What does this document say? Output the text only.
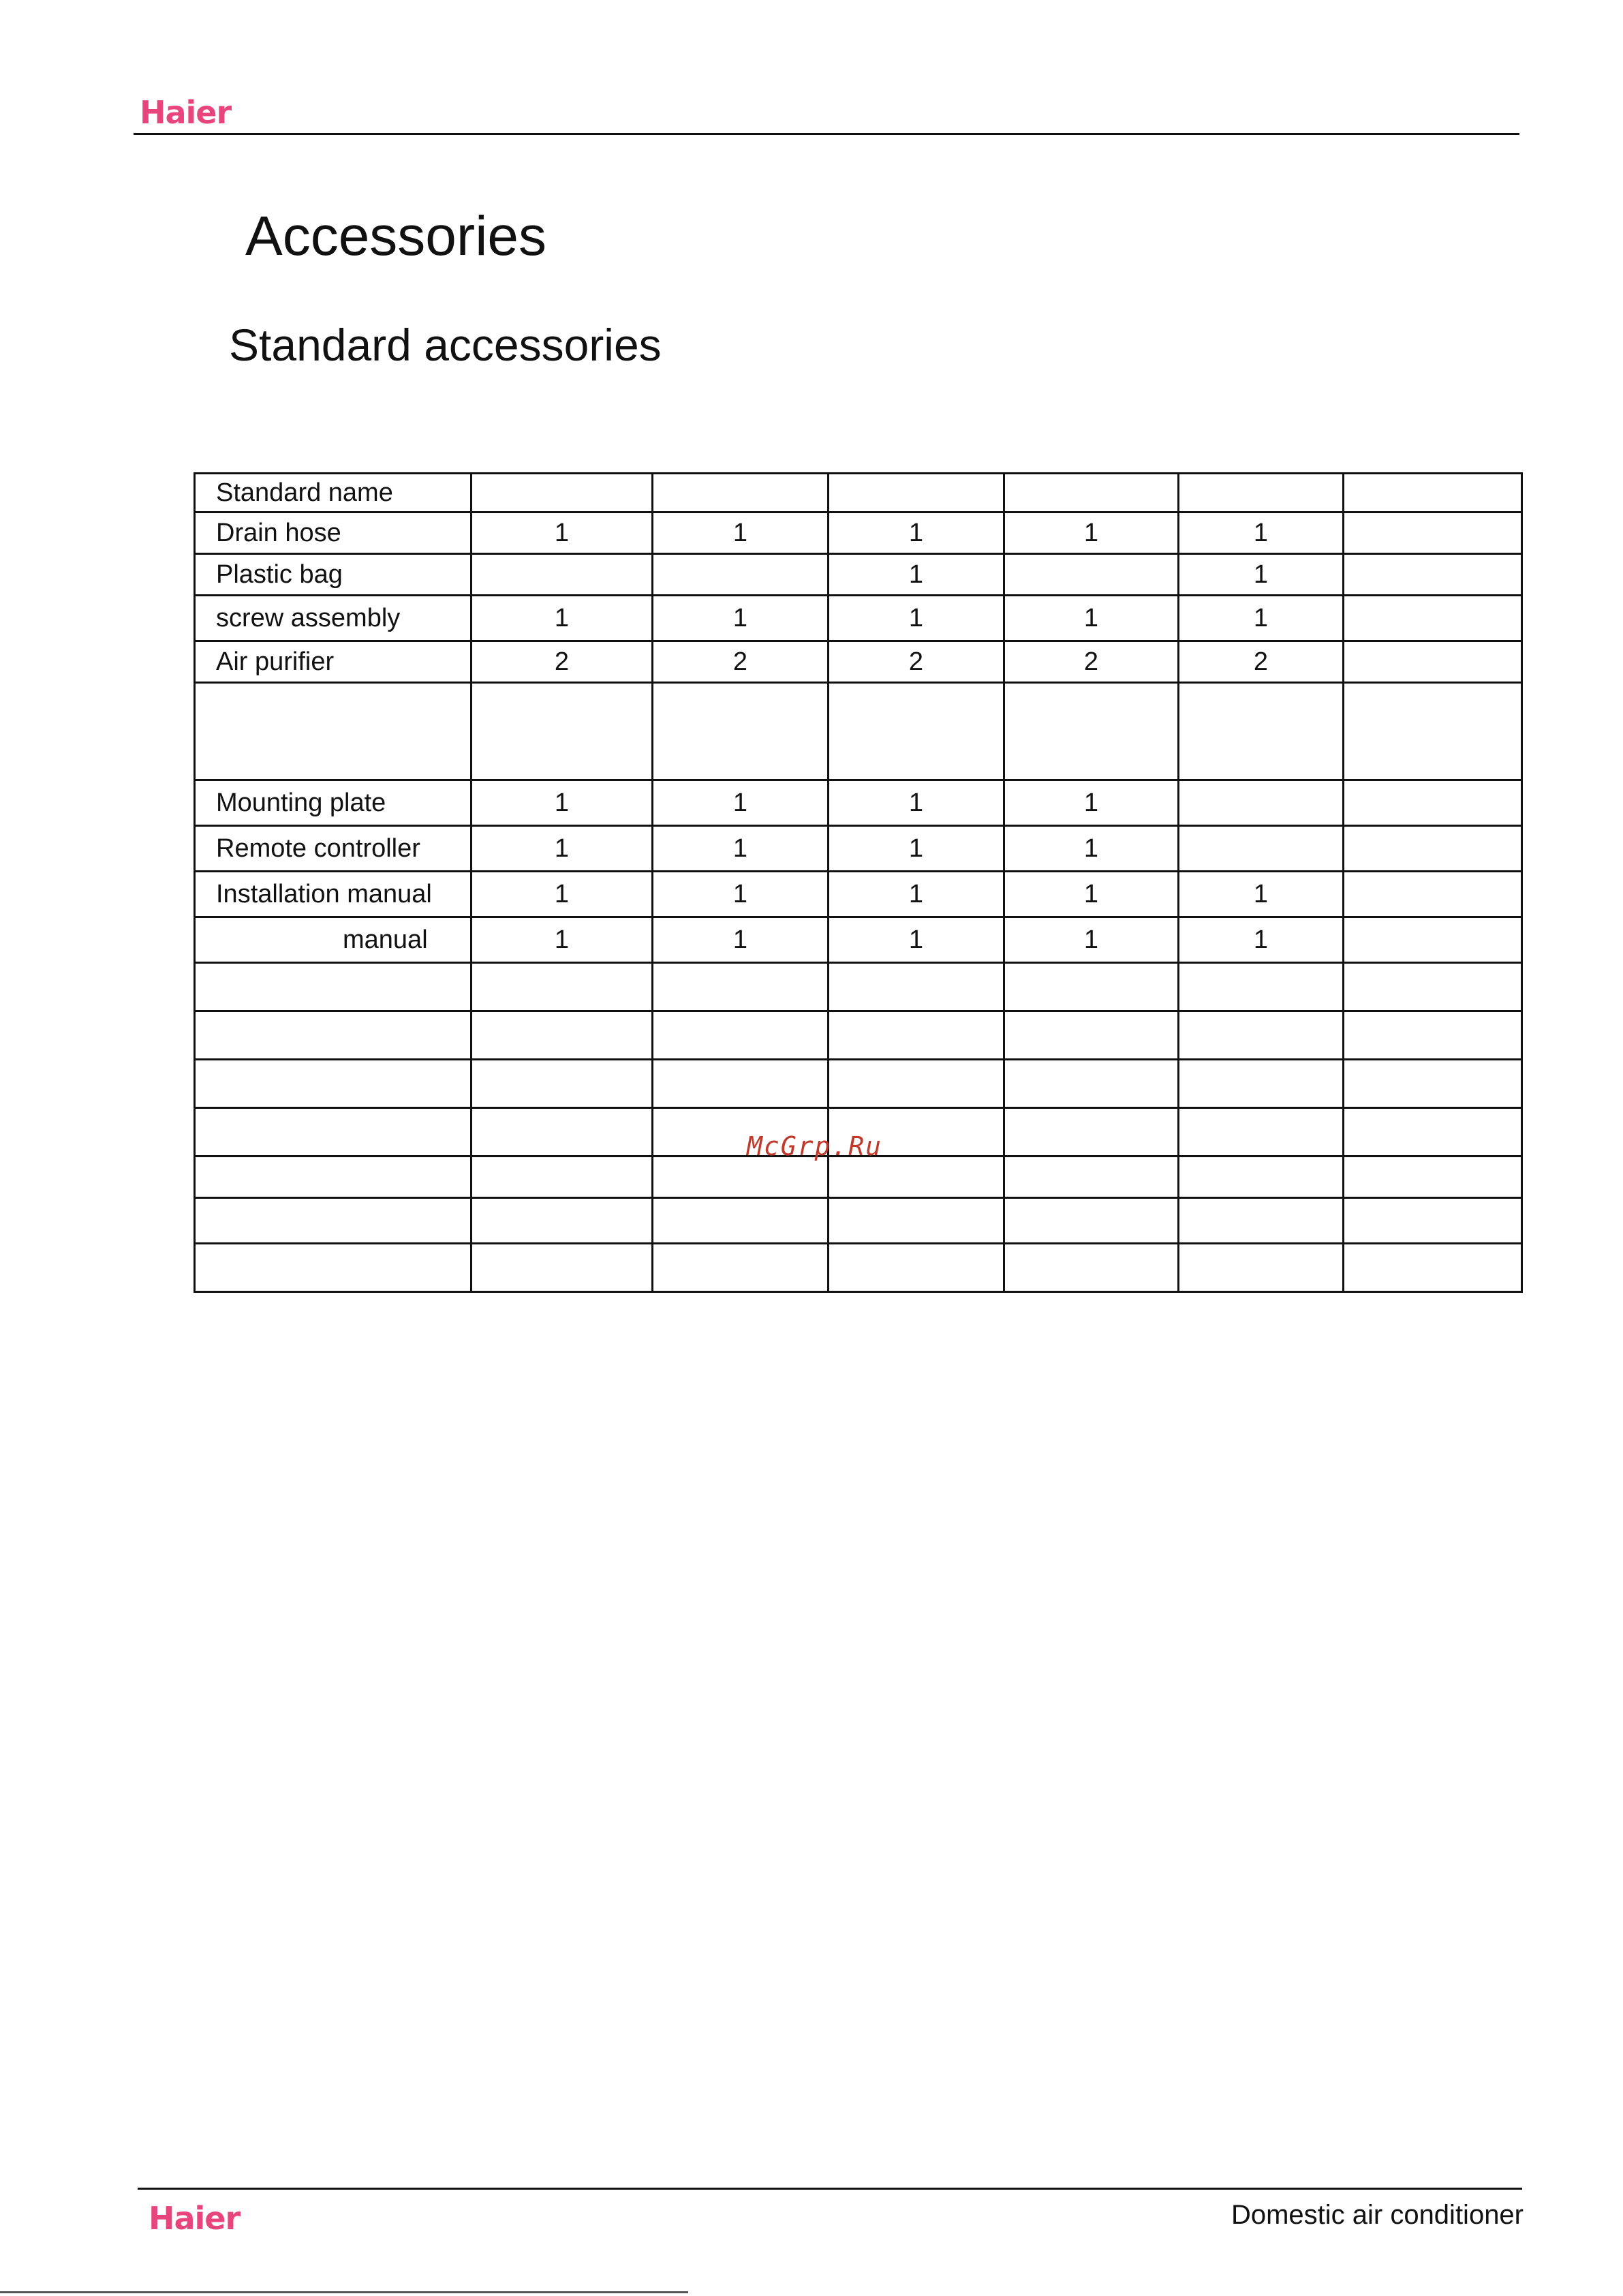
Haier
Accessories
Standard accessories
Standard name						
Drain hose	1	1	1	1	1	
Plastic bag			1		1	
screw assembly	1	1	1	1	1	
Air purifier	2	2	2	2	2	

Mounting plate	1	1	1	1		
Remote controller	1	1	1	1		
Installation manual	1	1	1	1	1	
manual	1	1	1	1	1	

McGrp.Ru
Haier	Domestic air conditioner
